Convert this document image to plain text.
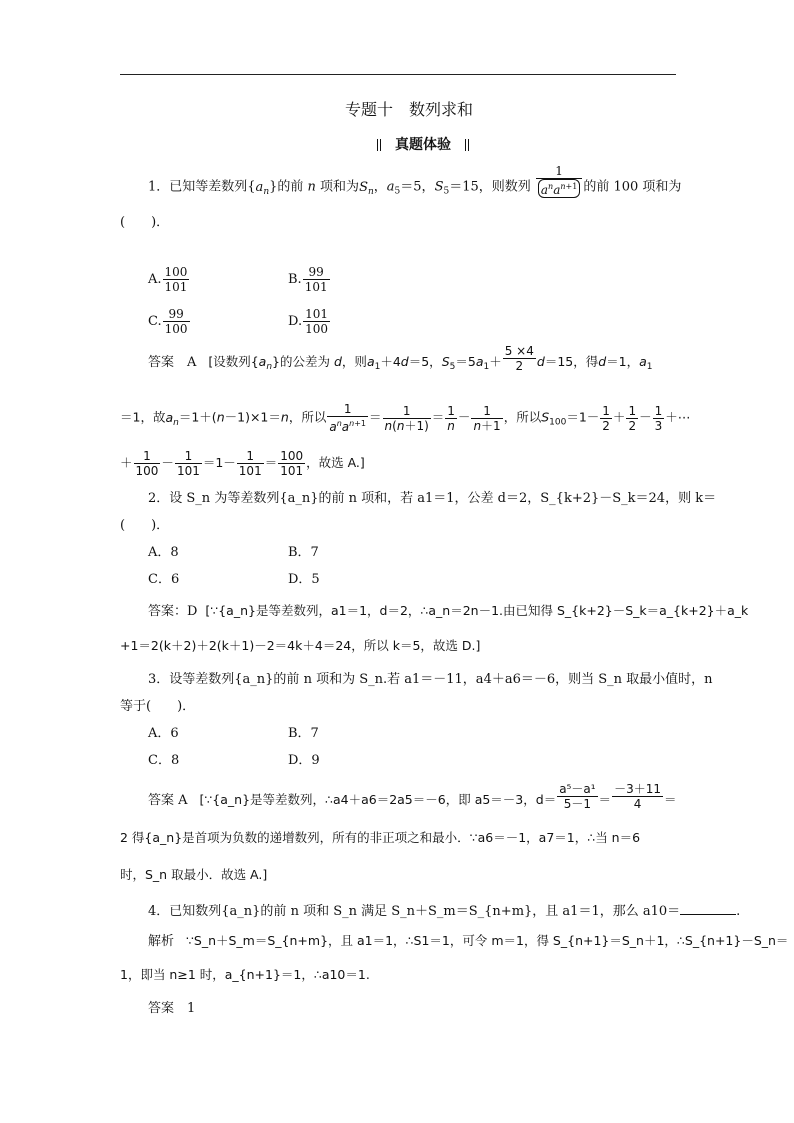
专题十　数列求和
真题体验
1．已知等差数列$\{a_n\}$的前 n 项和为$S_n$，$a_5=5$，$S_5=15$，则数列 $\frac{1}{a^na^{n+1}}$ 的前 100 项和为
(　　)．
A. $\frac{100}{101}$	B. $\frac{99}{101}$
C. $\frac{99}{100}$	D. $\frac{101}{100}$
答案　A [设数列$\{a_n\}$的公差为 d，则$a_1+4d=5$，$S_5=5a_1+ \frac{5 \times 4}{2} d=15$，得d＝1，$a_1$
＝1，故$a_n=1+(n-1)\times 1=n$，所以 $\frac{1}{a^na^{n+1}} = \frac{1}{n(n+1)} = \frac{1}{n} - \frac{1}{n+1}$ ，所以$S_{100}=1- \frac{1}{2} + \frac{1}{2} - \frac{1}{3}$ ＋⋯
＋ $\frac{1}{100} - \frac{1}{101} =1- \frac{1}{101} = \frac{100}{101}$ ，故选 A.]
2．设 S_n 为等差数列{a_n}的前 n 项和，若 a1＝1，公差 d＝2，S_{k+2}－S_k＝24，则 k＝
(　　)．
A．8	B．7
C．6	D．5
答案：D [∵{a_n}是等差数列，a1＝1，d＝2，∴a_n＝2n－1.由已知得 S_{k+2}－S_k＝a_{k+2}＋a_k
+1＝2(k＋2)＋2(k＋1)－2＝4k＋4＝24，所以 k＝5，故选 D.]
3．设等差数列{a_n}的前 n 项和为 S_n.若 a1＝－11，a4＋a6＝－6，则当 S_n 取最小值时，n
等于(　　)．
A．6	B．7
C．8	D．9
答案 A [∵{a_n}是等差数列，∴a4＋a6＝2a5＝－6，即 a5＝－3，$d= \frac{\text{a⁵－a¹}}{5-1} = \frac{-3+11}{4}$ ＝
2 得{a_n}是首项为负数的递增数列，所有的非正项之和最小．∵a6＝－1，a7＝1，∴当 n＝6
时，S_n 取最小．故选 A.]
4．已知数列{a_n}的前 n 项和 S_n 满足 S_n＋S_m＝S_{n+m}，且 a1＝1，那么 a10＝	.
解析 ∵S_n＋S_m＝S_{n+m}，且 a1＝1，∴S1＝1，可令 m＝1，得 S_{n+1}＝S_n＋1，∴S_{n+1}－S_n＝
1，即当 n≥1 时，a_{n+1}＝1，∴a10＝1.
答案　1
